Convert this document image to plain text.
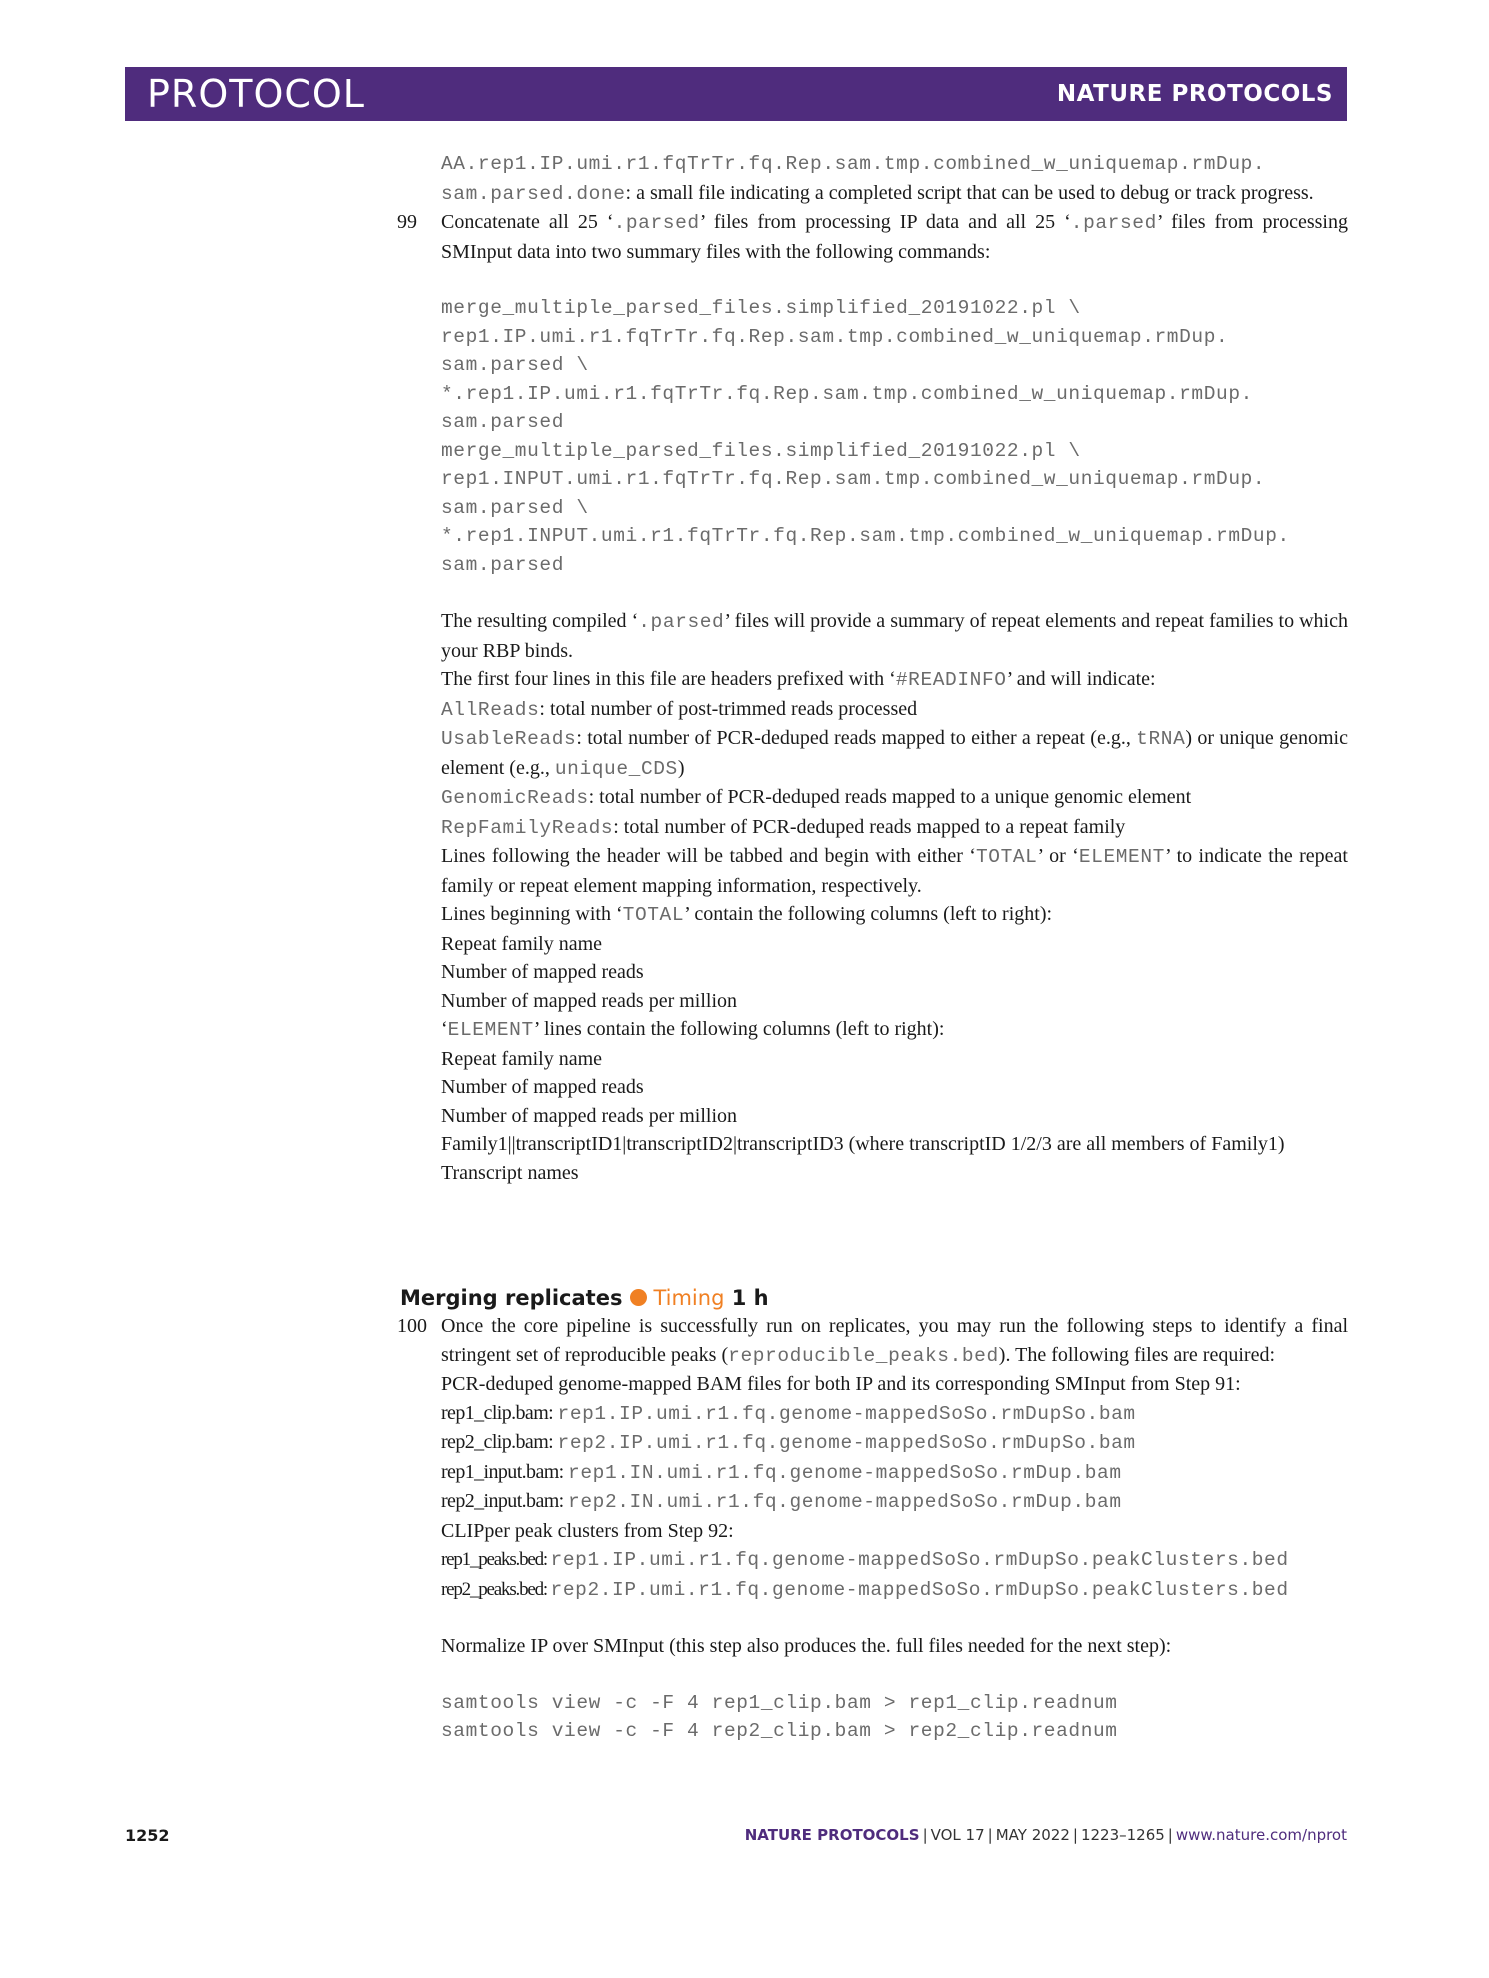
PROTOCOL	NATURE PROTOCOLS
AA.rep1.IP.umi.r1.fqTrTr.fq.Rep.sam.tmp.combined_w_uniquemap.rmDup.

sam.parsed.done: a small file indicating a completed script that can be used to debug or track progress.

99 Concatenate all 25 ‘.parsed’ files from processing IP data and all 25 ‘.parsed’ files from processing SMInput data into two summary files with the following commands:

merge_multiple_parsed_files.simplified_20191022.pl \
rep1.IP.umi.r1.fqTrTr.fq.Rep.sam.tmp.combined_w_uniquemap.rmDup.
sam.parsed \
*.rep1.IP.umi.r1.fqTrTr.fq.Rep.sam.tmp.combined_w_uniquemap.rmDup.
sam.parsed
merge_multiple_parsed_files.simplified_20191022.pl \
rep1.INPUT.umi.r1.fqTrTr.fq.Rep.sam.tmp.combined_w_uniquemap.rmDup.
sam.parsed \
*.rep1.INPUT.umi.r1.fqTrTr.fq.Rep.sam.tmp.combined_w_uniquemap.rmDup.
sam.parsed

The resulting compiled ‘.parsed’ files will provide a summary of repeat elements and repeat families to which your RBP binds.

The first four lines in this file are headers prefixed with ‘#READINFO’ and will indicate:

AllReads: total number of post-trimmed reads processed

UsableReads: total number of PCR-deduped reads mapped to either a repeat (e.g., tRNA) or unique genomic element (e.g., unique_CDS)

GenomicReads: total number of PCR-deduped reads mapped to a unique genomic element

RepFamilyReads: total number of PCR-deduped reads mapped to a repeat family

Lines following the header will be tabbed and begin with either ‘TOTAL’ or ‘ELEMENT’ to indicate the repeat family or repeat element mapping information, respectively.

Lines beginning with ‘TOTAL’ contain the following columns (left to right):

Repeat family name

Number of mapped reads

Number of mapped reads per million

‘ELEMENT’ lines contain the following columns (left to right):

Repeat family name

Number of mapped reads

Number of mapped reads per million

Family1||transcriptID1|transcriptID2|transcriptID3 (where transcriptID 1/2/3 are all members of Family1)

Transcript names

Merging replicates Timing 1 h
100 Once the core pipeline is successfully run on replicates, you may run the following steps to identify a final stringent set of reproducible peaks (reproducible_peaks.bed). The following files are required:

PCR-deduped genome-mapped BAM files for both IP and its corresponding SMInput from Step 91:

rep1_clip.bam: rep1.IP.umi.r1.fq.genome-mappedSoSo.rmDupSo.bam

rep2_clip.bam: rep2.IP.umi.r1.fq.genome-mappedSoSo.rmDupSo.bam

rep1_input.bam: rep1.IN.umi.r1.fq.genome-mappedSoSo.rmDup.bam

rep2_input.bam: rep2.IN.umi.r1.fq.genome-mappedSoSo.rmDup.bam

CLIPper peak clusters from Step 92:

rep1_peaks.bed: rep1.IP.umi.r1.fq.genome-mappedSoSo.rmDupSo.peakClusters.bed

rep2_peaks.bed: rep2.IP.umi.r1.fq.genome-mappedSoSo.rmDupSo.peakClusters.bed

Normalize IP over SMInput (this step also produces the. full files needed for the next step):

samtools view -c -F 4 rep1_clip.bam > rep1_clip.readnum
samtools view -c -F 4 rep2_clip.bam > rep2_clip.readnum
1252	NATURE PROTOCOLS | VOL 17 | MAY 2022 | 1223–1265 | www.nature.com/nprot
